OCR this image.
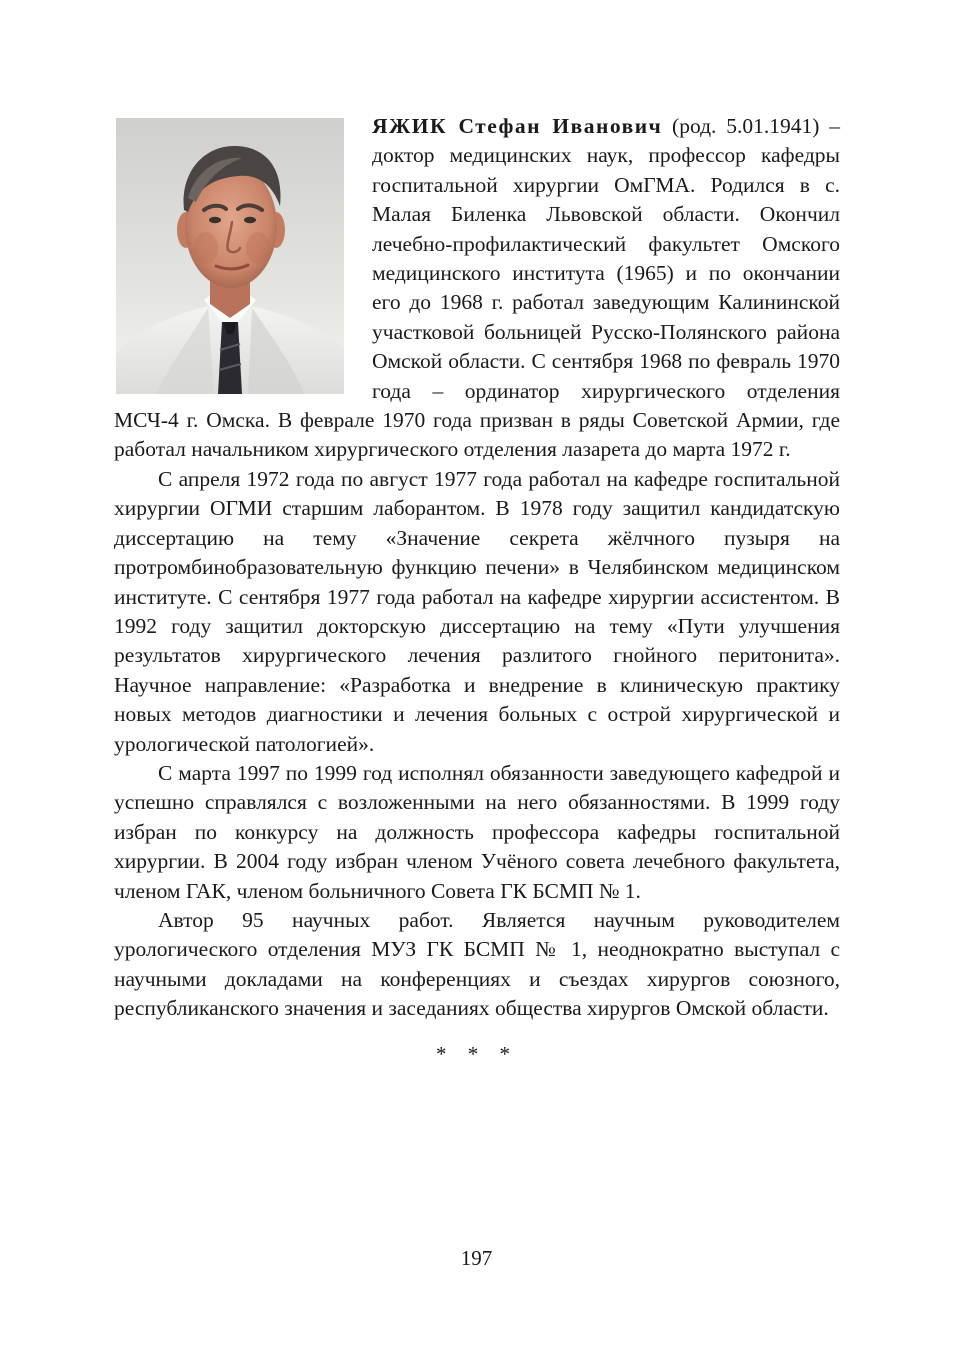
ЯЖИК Стефан Иванович (род. 5.01.1941) – доктор медицинских наук, профессор кафедры госпитальной хирургии ОмГМА. Родился в с. Малая Биленка Львовской области. Окончил лечебно-профилактический факультет Омского медицинского института (1965) и по окончании его до 1968 г. работал заведующим Калининской участковой больницей Русско-Полянского района Омской области. С сентября 1968 по февраль 1970 года – ординатор хирургического отделения МСЧ-4 г. Омска. В феврале 1970 года призван в ряды Советской Армии, где работал начальником хирургического отделения лазарета до марта 1972 г.

С апреля 1972 года по август 1977 года работал на кафедре госпитальной хирургии ОГМИ старшим лаборантом. В 1978 году защитил кандидатскую диссертацию на тему «Значение секрета жёлчного пузыря на протромбинобразовательную функцию печени» в Челябинском медицинском институте. С сентября 1977 года работал на кафедре хирургии ассистентом. В 1992 году защитил докторскую диссертацию на тему «Пути улучшения результатов хирургического лечения разлитого гнойного перитонита». Научное направление: «Разработка и внедрение в клиническую практику новых методов диагностики и лечения больных с острой хирургической и урологической патологией».

С марта 1997 по 1999 год исполнял обязанности заведующего кафедрой и успешно справлялся с возложенными на него обязанностями. В 1999 году избран по конкурсу на должность профессора кафедры госпитальной хирургии. В 2004 году избран членом Учёного совета лечебного факультета, членом ГАК, членом больничного Совета ГК БСМП № 1.

Автор 95 научных работ. Является научным руководителем урологического отделения МУЗ ГК БСМП № 1, неоднократно выступал с научными докладами на конференциях и съездах хирургов союзного, республиканского значения и заседаниях общества хирургов Омской области.

* * *
197
